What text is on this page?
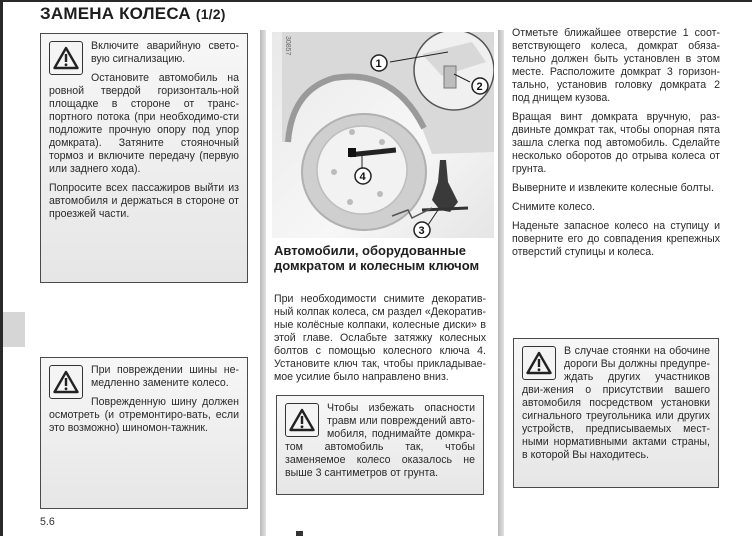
ЗАМЕНА КОЛЕСА (1/2)

Включите аварийную свето-вую сигнализацию.

Остановите автомобиль на ровной твердой горизонталь-ной площадке в стороне от транс-портного потока (при необходимо-сти подложите прочную опору под упор домкрата). Затяните стояночный тормоз и включите передачу (первую или заднего хода).

Попросите всех пассажиров выйти из автомобиля и держаться в стороне от проезжей части.

При повреждении шины не-медленно замените колесо.

Поврежденную шину должен осмотреть (и отремонтиро-вать, если это возможно) шиномон-тажник.

5.6
1
2
3
4
30857
Автомобили, оборудованные домкратом и колесным ключом

При необходимости снимите декоратив-ный колпак колеса, см раздел «Декоратив-ные колёсные колпаки, колесные диски» в этой главе. Ослабьте затяжку колесных болтов с помощью колесного ключа 4. Установите ключ так, чтобы прикладывае-мое усилие было направлено вниз.

Чтобы избежать опасности травм или повреждений авто-мобиля, поднимайте домкра-том автомобиль так, чтобы заменяемое колесо оказалось не выше 3 сантиметров от грунта.

Отметьте ближайшее отверстие 1 соот-ветствующего колеса, домкрат обяза-тельно должен быть установлен в этом месте. Расположите домкрат 3 горизон-тально, установив головку домкрата 2 под днищем кузова.

Вращая винт домкрата вручную, раз-двиньте домкрат так, чтобы опорная пята зашла слегка под автомобиль. Сделайте несколько оборотов до отрыва колеса от грунта.

Выверните и извлеките колесные болты.

Снимите колесо.

Наденьте запасное колесо на ступицу и поверните его до совпадения крепежных отверстий ступицы и колеса.

В случае стоянки на обочине дороги Вы должны предупре-ждать других участников дви-жения о присутствии вашего автомобиля посредством установки сигнального треугольника или других устройств, предписываемых мест-ными нормативными актами страны, в которой Вы находитесь.
